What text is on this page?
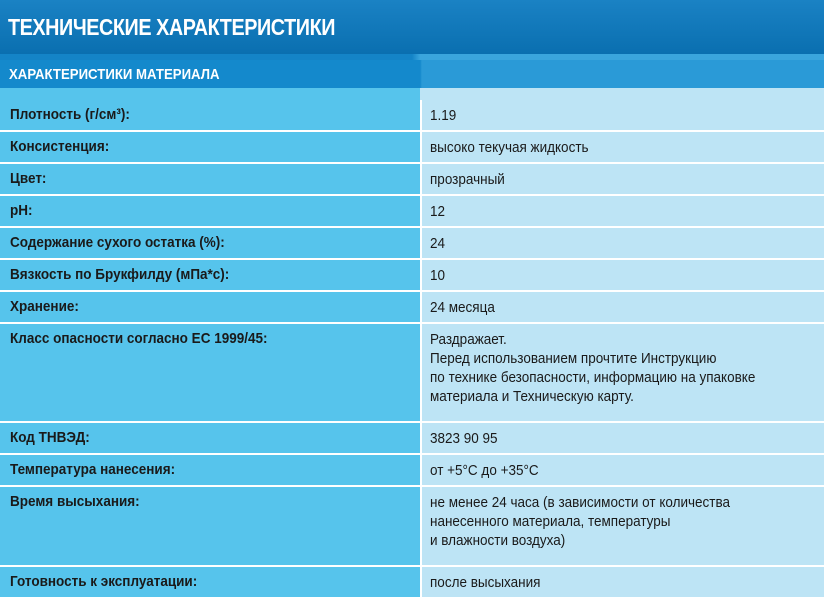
ТЕХНИЧЕСКИЕ ХАРАКТЕРИСТИКИ
ХАРАКТЕРИСТИКИ МАТЕРИАЛА
Плотность (г/см³):	1.19
Консистенция:	высоко текучая жидкость
Цвет:	прозрачный
pH:	12
Содержание сухого остатка (%):	24
Вязкость по Брукфилду (мПа*с):	10
Хранение:	24 месяца
Класс опасности согласно ЕС 1999/45:	Раздражает.
Перед использованием прочтите Инструкцию
по технике безопасности, информацию на упаковке
материала и Техническую карту.
Код ТНВЭД:	3823 90 95
Температура нанесения:	от +5°C до +35°C
Время высыхания:	не менее 24 часа (в зависимости от количества
нанесенного материала, температуры
и влажности воздуха)
Готовность к эксплуатации:	после высыхания
